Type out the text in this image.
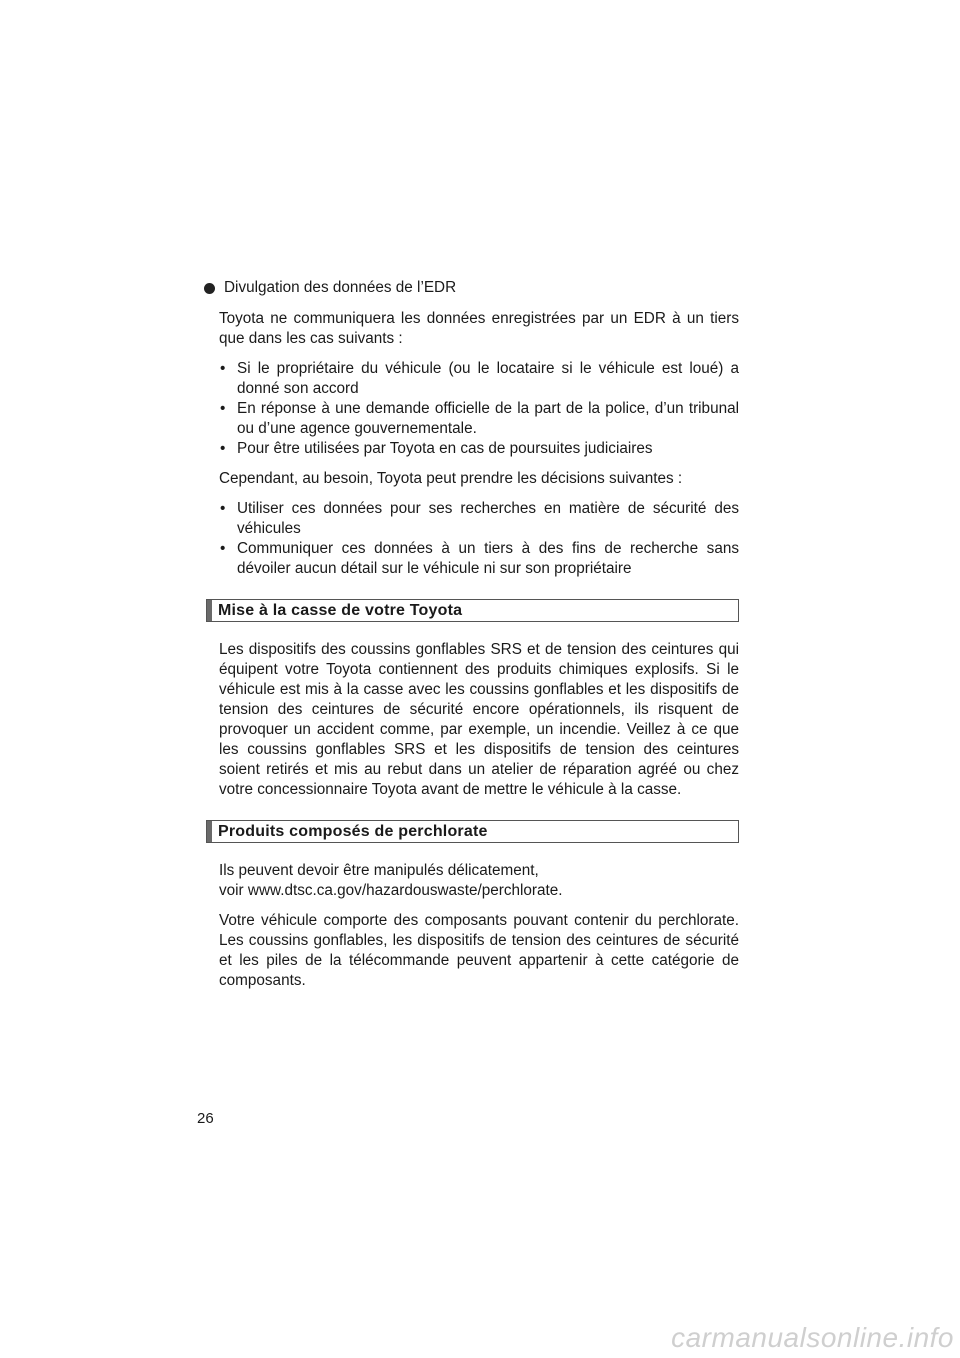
Divulgation des données de l’EDR

Toyota ne communiquera les données enregistrées par un EDR à un tiers que dans les cas suivants :

• Si le propriétaire du véhicule (ou le locataire si le véhicule est loué) a donné son accord
• En réponse à une demande officielle de la part de la police, d’un tribunal ou d’une agence gouvernementale.
• Pour être utilisées par Toyota en cas de poursuites judiciaires

Cependant, au besoin, Toyota peut prendre les décisions suivantes :

• Utiliser ces données pour ses recherches en matière de sécurité des véhicules
• Communiquer ces données à un tiers à des fins de recherche sans dévoiler aucun détail sur le véhicule ni sur son propriétaire
Mise à la casse de votre Toyota

Les dispositifs des coussins gonflables SRS et de tension des ceintures qui équipent votre Toyota contiennent des produits chimiques explosifs. Si le véhicule est mis à la casse avec les coussins gonflables et les dispositifs de tension des ceintures de sécurité encore opérationnels, ils risquent de provoquer un accident comme, par exemple, un incendie. Veillez à ce que les coussins gonflables SRS et les dispositifs de tension des ceintures soient retirés et mis au rebut dans un atelier de réparation agréé ou chez votre concessionnaire Toyota avant de mettre le véhicule à la casse.

Produits composés de perchlorate

Ils peuvent devoir être manipulés délicatement,
voir www.dtsc.ca.gov/hazardouswaste/perchlorate.

Votre véhicule comporte des composants pouvant contenir du perchlorate. Les coussins gonflables, les dispositifs de tension des ceintures de sécurité et les piles de la télécommande peuvent appartenir à cette catégorie de composants.

26
carmanualsonline.info
